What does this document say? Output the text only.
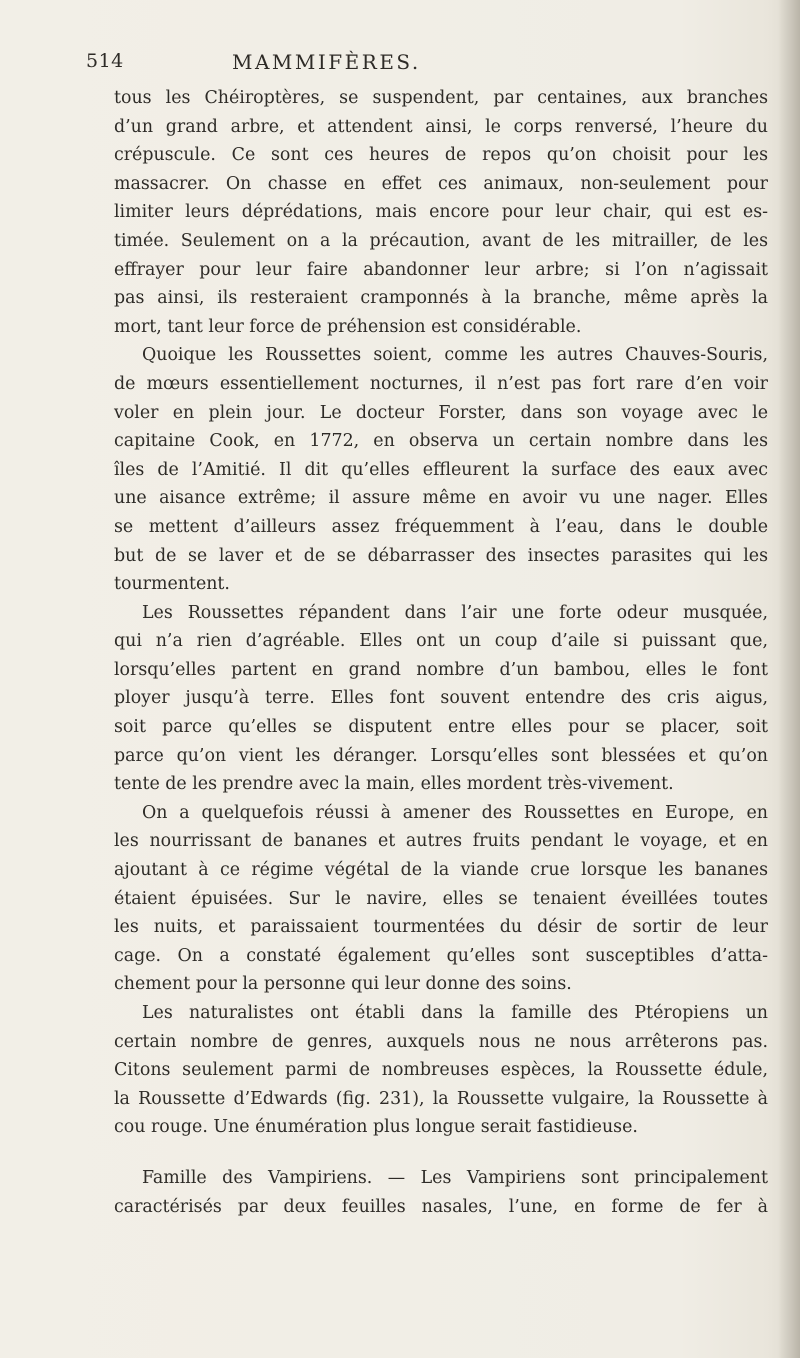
514	MAMMIFÈRES.
tous les Chéiroptères, se suspendent, par centaines, aux branches
d’un grand arbre, et attendent ainsi, le corps renversé, l’heure du
crépuscule. Ce sont ces heures de repos qu’on choisit pour les
massacrer. On chasse en effet ces animaux, non-seulement pour
limiter leurs déprédations, mais encore pour leur chair, qui est es-
timée. Seulement on a la précaution, avant de les mitrailler, de les
effrayer pour leur faire abandonner leur arbre; si l’on n’agissait
pas ainsi, ils resteraient cramponnés à la branche, même après la
mort, tant leur force de préhension est considérable.
Quoique les Roussettes soient, comme les autres Chauves-Souris,
de mœurs essentiellement nocturnes, il n’est pas fort rare d’en voir
voler en plein jour. Le docteur Forster, dans son voyage avec le
capitaine Cook, en 1772, en observa un certain nombre dans les
îles de l’Amitié. Il dit qu’elles effleurent la surface des eaux avec
une aisance extrême; il assure même en avoir vu une nager. Elles
se mettent d’ailleurs assez fréquemment à l’eau, dans le double
but de se laver et de se débarrasser des insectes parasites qui les
tourmentent.
Les Roussettes répandent dans l’air une forte odeur musquée,
qui n’a rien d’agréable. Elles ont un coup d’aile si puissant que,
lorsqu’elles partent en grand nombre d’un bambou, elles le font
ployer jusqu’à terre. Elles font souvent entendre des cris aigus,
soit parce qu’elles se disputent entre elles pour se placer, soit
parce qu’on vient les déranger. Lorsqu’elles sont blessées et qu’on
tente de les prendre avec la main, elles mordent très-vivement.
On a quelquefois réussi à amener des Roussettes en Europe, en
les nourrissant de bananes et autres fruits pendant le voyage, et en
ajoutant à ce régime végétal de la viande crue lorsque les bananes
étaient épuisées. Sur le navire, elles se tenaient éveillées toutes
les nuits, et paraissaient tourmentées du désir de sortir de leur
cage. On a constaté également qu’elles sont susceptibles d’atta-
chement pour la personne qui leur donne des soins.
Les naturalistes ont établi dans la famille des Ptéropiens un
certain nombre de genres, auxquels nous ne nous arrêterons pas.
Citons seulement parmi de nombreuses espèces, la Roussette édule,
la Roussette d’Edwards (fig. 231), la Roussette vulgaire, la Roussette à
cou rouge. Une énumération plus longue serait fastidieuse.
Famille des Vampiriens. — Les Vampiriens sont principalement
caractérisés par deux feuilles nasales, l’une, en forme de fer à
